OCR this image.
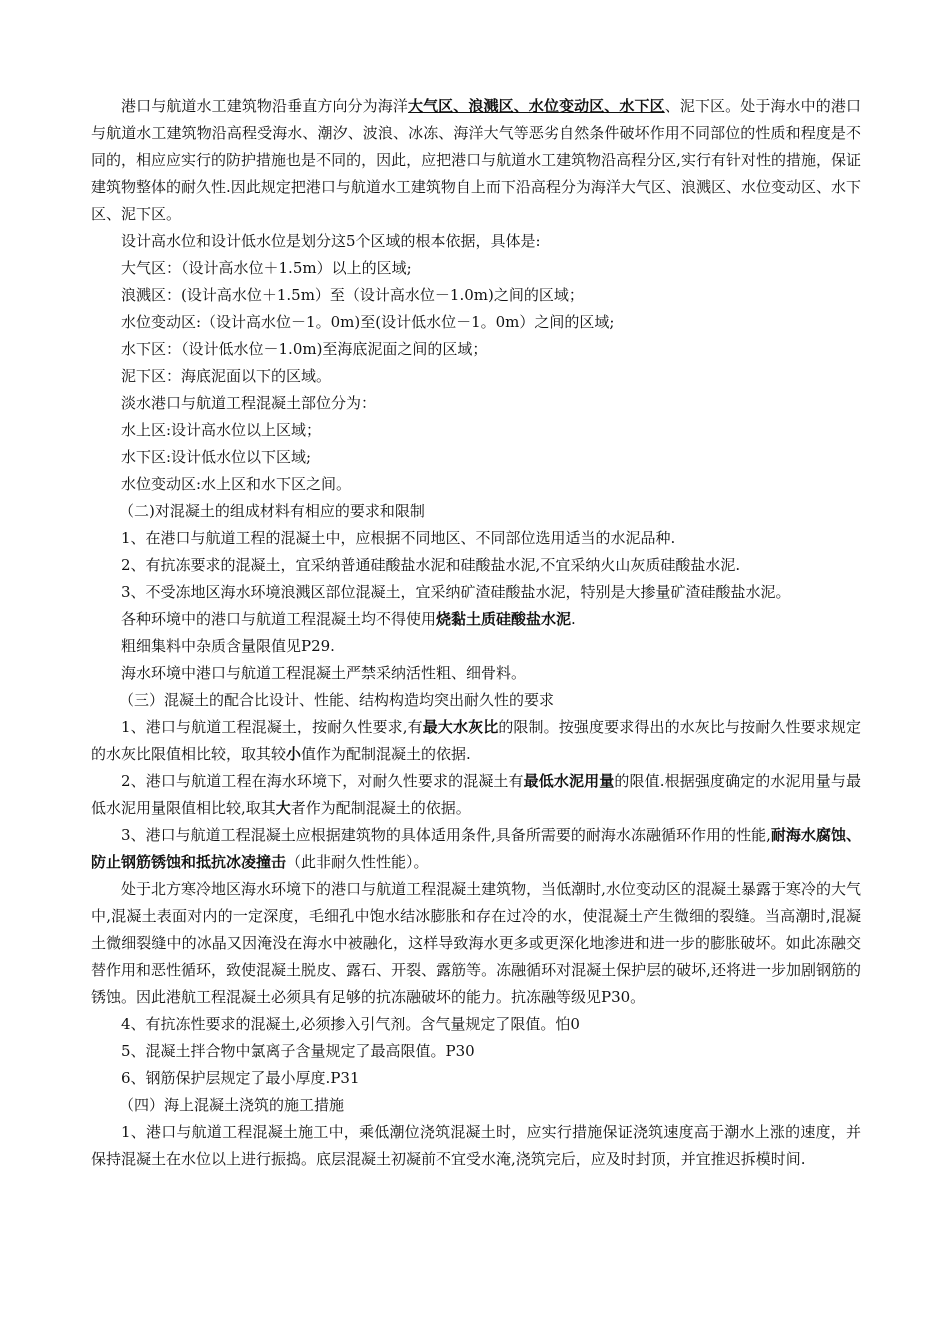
港口与航道水工建筑物沿垂直方向分为海洋大气区、浪溅区、水位变动区、水下区、泥下区。处于海水中的港口与航道水工建筑物沿高程受海水、潮汐、波浪、冰冻、海洋大气等恶劣自然条件破坏作用不同部位的性质和程度是不同的，相应应实行的防护措施也是不同的，因此，应把港口与航道水工建筑物沿高程分区,实行有针对性的措施，保证建筑物整体的耐久性.因此规定把港口与航道水工建筑物自上而下沿高程分为海洋大气区、浪溅区、水位变动区、水下区、泥下区。

设计高水位和设计低水位是划分这5个区域的根本依据，具体是:

大气区：（设计高水位＋1.5m）以上的区域;

浪溅区：(设计高水位＋1.5m）至（设计高水位－1.0m)之间的区域；

水位变动区:（设计高水位－1。0m)至(设计低水位－1。0m）之间的区域;

水下区：（设计低水位－1.0m)至海底泥面之间的区域；

泥下区：海底泥面以下的区域。

淡水港口与航道工程混凝土部位分为：

水上区:设计高水位以上区域；

水下区:设计低水位以下区域;

水位变动区:水上区和水下区之间。

（二)对混凝土的组成材料有相应的要求和限制

1、在港口与航道工程的混凝土中，应根据不同地区、不同部位选用适当的水泥品种.

2、有抗冻要求的混凝土，宜采纳普通硅酸盐水泥和硅酸盐水泥,不宜采纳火山灰质硅酸盐水泥.

3、不受冻地区海水环境浪溅区部位混凝土，宜采纳矿渣硅酸盐水泥，特别是大掺量矿渣硅酸盐水泥。

各种环境中的港口与航道工程混凝土均不得使用烧黏土质硅酸盐水泥.

粗细集料中杂质含量限值见P29.

海水环境中港口与航道工程混凝土严禁采纳活性粗、细骨料。

（三）混凝土的配合比设计、性能、结构构造均突出耐久性的要求

1、港口与航道工程混凝土，按耐久性要求,有最大水灰比的限制。按强度要求得出的水灰比与按耐久性要求规定的水灰比限值相比较，取其较小值作为配制混凝土的依据.

2、港口与航道工程在海水环境下，对耐久性要求的混凝土有最低水泥用量的限值.根据强度确定的水泥用量与最低水泥用量限值相比较,取其大者作为配制混凝土的依据。

3、港口与航道工程混凝土应根据建筑物的具体适用条件,具备所需要的耐海水冻融循环作用的性能,耐海水腐蚀、防止钢筋锈蚀和抵抗冰凌撞击（此非耐久性性能）。

处于北方寒冷地区海水环境下的港口与航道工程混凝土建筑物，当低潮时,水位变动区的混凝土暴露于寒冷的大气中,混凝土表面对内的一定深度，毛细孔中饱水结冰膨胀和存在过冷的水，使混凝土产生微细的裂缝。当高潮时,混凝土微细裂缝中的冰晶又因淹没在海水中被融化，这样导致海水更多或更深化地渗进和进一步的膨胀破坏。如此冻融交替作用和恶性循环，致使混凝土脱皮、露石、开裂、露筋等。冻融循环对混凝土保护层的破坏,还将进一步加剧钢筋的锈蚀。因此港航工程混凝土必须具有足够的抗冻融破坏的能力。抗冻融等级见P30。

4、有抗冻性要求的混凝土,必须掺入引气剂。含气量规定了限值。怕0

5、混凝土拌合物中氯离子含量规定了最高限值。P30

6、钢筋保护层规定了最小厚度.P31

（四）海上混凝土浇筑的施工措施

1、港口与航道工程混凝土施工中，乘低潮位浇筑混凝土时，应实行措施保证浇筑速度高于潮水上涨的速度，并保持混凝土在水位以上进行振捣。底层混凝土初凝前不宜受水淹,浇筑完后，应及时封顶，并宜推迟拆模时间.
